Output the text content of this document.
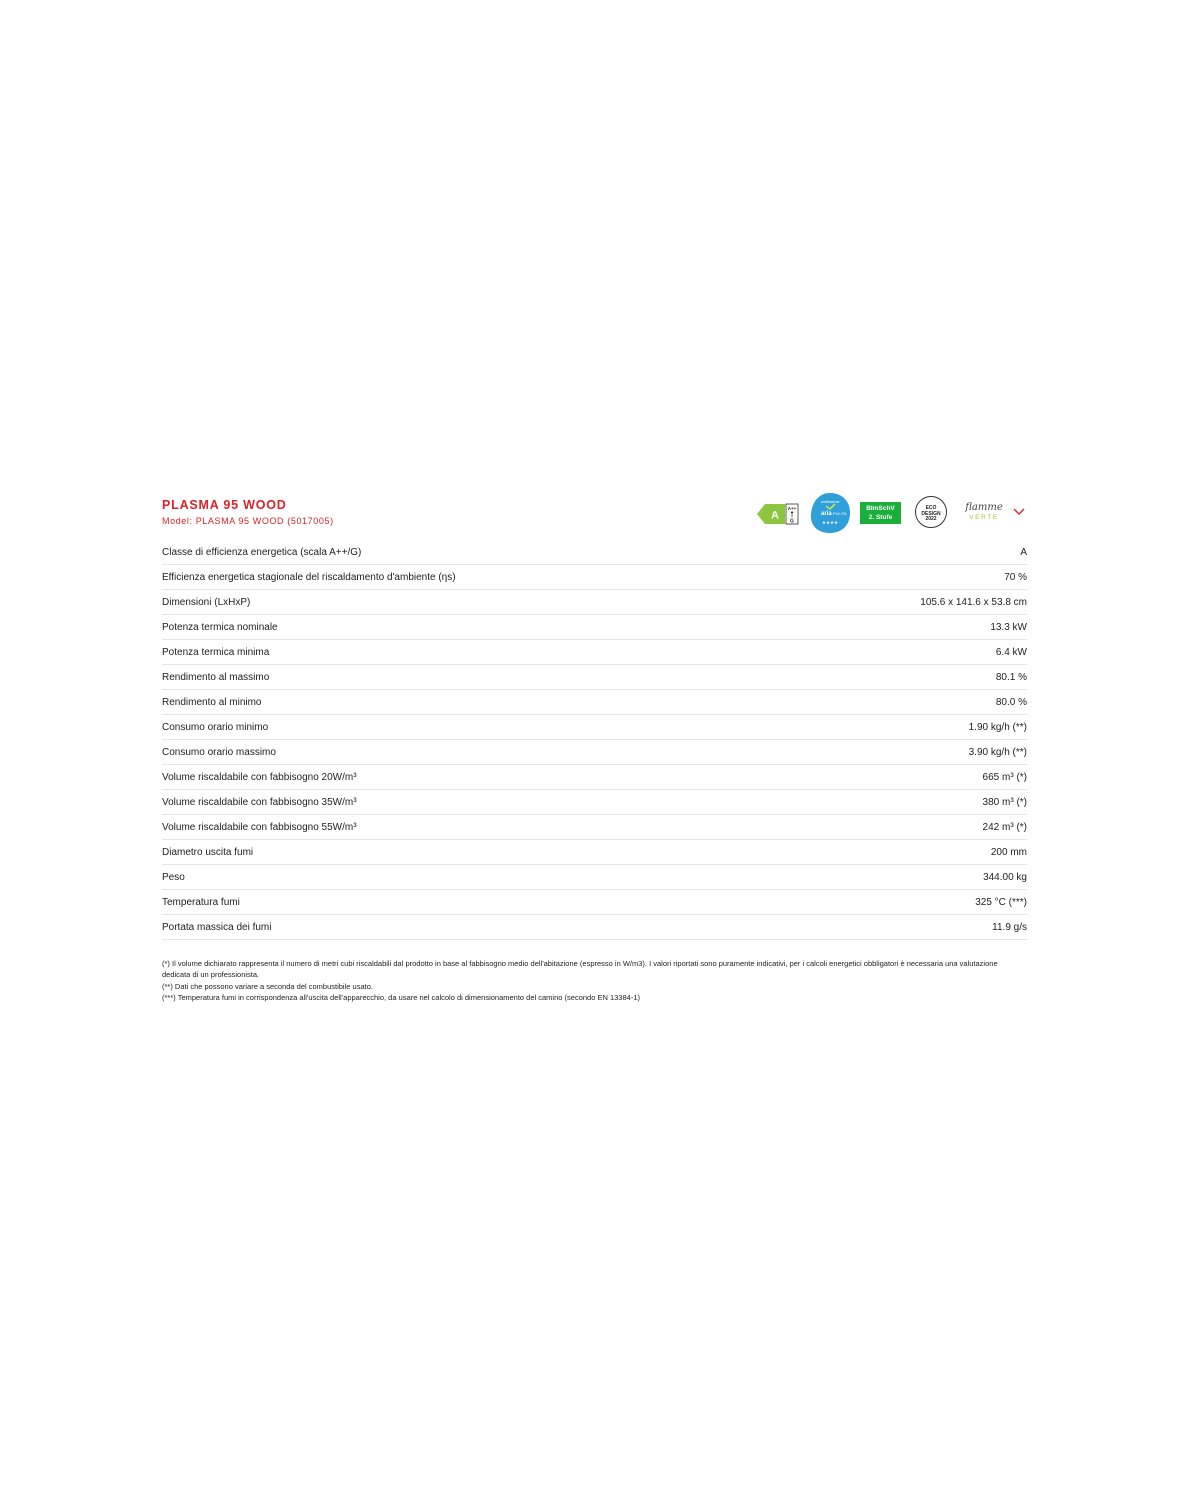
PLASMA 95 WOOD
Model: PLASMA 95 WOOD (5017005)	A
A++
G
certificazione
aria PULITA
★★★★
BImSchV
2. Stufe
ECO
DESIGN
2022
flamme
VERTE
Classe di efficienza energetica (scala A++/G)	A
Efficienza energetica stagionale del riscaldamento d'ambiente (ηs)	70 %
Dimensioni (LxHxP)	105.6 x 141.6 x 53.8 cm
Potenza termica nominale	13.3 kW
Potenza termica minima	6.4 kW
Rendimento al massimo	80.1 %
Rendimento al minimo	80.0 %
Consumo orario minimo	1.90 kg/h (**)
Consumo orario massimo	3.90 kg/h (**)
Volume riscaldabile con fabbisogno 20W/m³	665 m³ (*)
Volume riscaldabile con fabbisogno 35W/m³	380 m³ (*)
Volume riscaldabile con fabbisogno 55W/m³	242 m³ (*)
Diametro uscita fumi	200 mm
Peso	344.00 kg
Temperatura fumi	325 °C (***)
Portata massica dei fumi	11.9 g/s
(*) Il volume dichiarato rappresenta il numero di metri cubi riscaldabili dal prodotto in base al fabbisogno medio dell'abitazione (espresso in W/m3). I valori riportati sono puramente indicativi, per i calcoli energetici obbligatori è necessaria una valutazione dedicata di un professionista.
(**) Dati che possono variare a seconda del combustibile usato.
(***) Temperatura fumi in corrispondenza all'uscita dell'apparecchio, da usare nel calcolo di dimensionamento del camino (secondo EN 13384-1)
